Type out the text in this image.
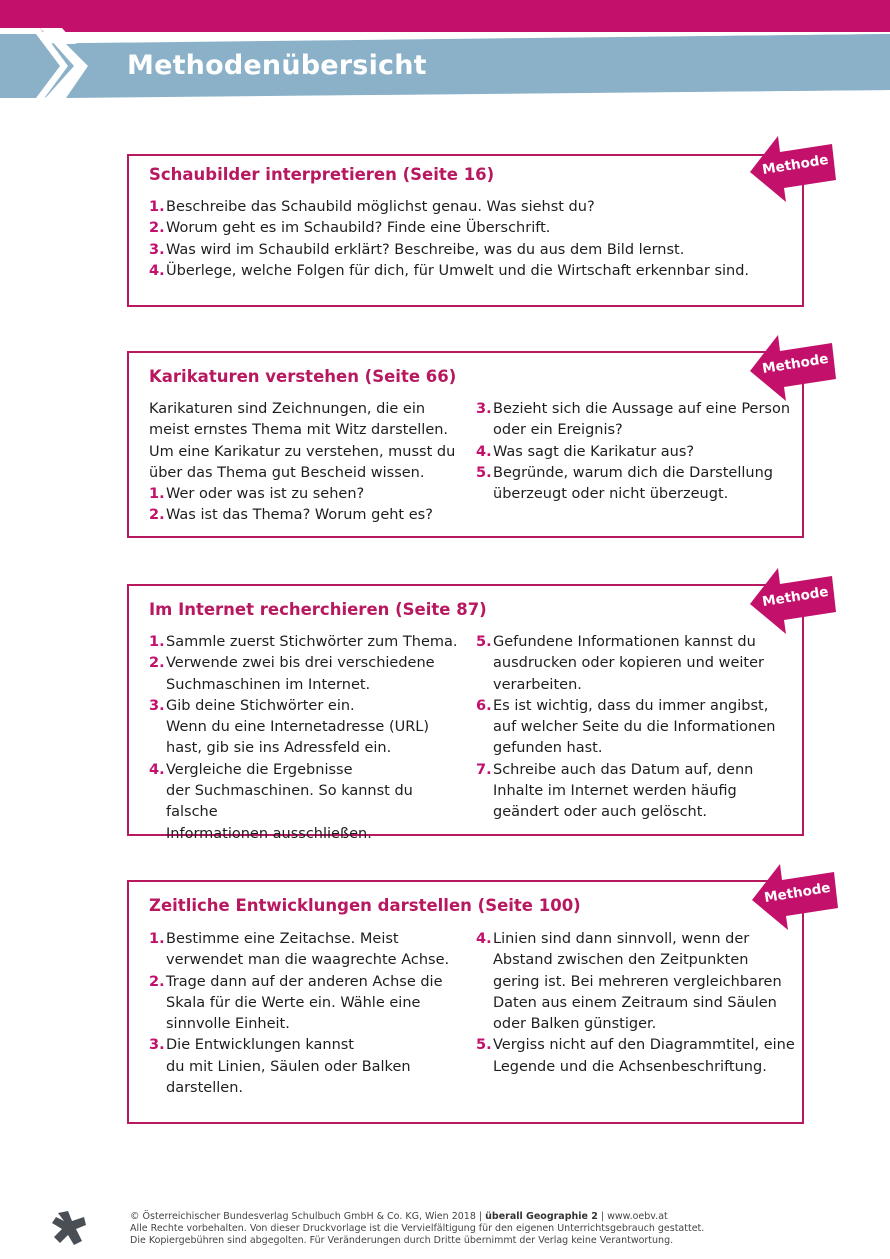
Methodenübersicht
Schaubilder interpretieren (Seite 16)
1. Beschreibe das Schaubild möglichst genau. Was siehst du?
2. Worum geht es im Schaubild? Finde eine Überschrift.
3. Was wird im Schaubild erklärt? Beschreibe, was du aus dem Bild lernst.
4. Überlege, welche Folgen für dich, für Umwelt und die Wirtschaft erkennbar sind.
Karikaturen verstehen (Seite 66)
Karikaturen sind Zeichnungen, die ein
meist ernstes Thema mit Witz darstellen.
Um eine Karikatur zu verstehen, musst du
über das Thema gut Bescheid wissen.
1. Wer oder was ist zu sehen?
2. Was ist das Thema? Worum geht es?
3. Bezieht sich die Aussage auf eine Person
oder ein Ereignis?
4. Was sagt die Karikatur aus?
5. Begründe, warum dich die Darstellung
überzeugt oder nicht überzeugt.
Im Internet recherchieren (Seite 87)
1. Sammle zuerst Stichwörter zum Thema.
2. Verwende zwei bis drei verschiedene
Suchmaschinen im Internet.
3. Gib deine Stichwörter ein.
Wenn du eine Internetadresse (URL)
hast, gib sie ins Adressfeld ein.
4. Vergleiche die Ergebnisse
der Suchmaschinen. So kannst du falsche
Informationen ausschließen.
5. Gefundene Informationen kannst du
ausdrucken oder kopieren und weiter
verarbeiten.
6. Es ist wichtig, dass du immer angibst,
auf welcher Seite du die Informationen
gefunden hast.
7. Schreibe auch das Datum auf, denn
Inhalte im Internet werden häufig
geändert oder auch gelöscht.
Zeitliche Entwicklungen darstellen (Seite 100)
1. Bestimme eine Zeitachse. Meist
verwendet man die waagrechte Achse.
2. Trage dann auf der anderen Achse die
Skala für die Werte ein. Wähle eine
sinnvolle Einheit.
3. Die Entwicklungen kannst
du mit Linien, Säulen oder Balken
darstellen.
4. Linien sind dann sinnvoll, wenn der
Abstand zwischen den Zeitpunkten
gering ist. Bei mehreren vergleichbaren
Daten aus einem Zeitraum sind Säulen
oder Balken günstiger.
5. Vergiss nicht auf den Diagrammtitel, eine
Legende und die Achsenbeschriftung.
Methode
Methode
Methode
Methode
© Österreichischer Bundesverlag Schulbuch GmbH & Co. KG, Wien 2018 | überall Geographie 2 | www.oebv.at
Alle Rechte vorbehalten. Von dieser Druckvorlage ist die Vervielfältigung für den eigenen Unterrichtsgebrauch gestattet.
Die Kopiergebühren sind abgegolten. Für Veränderungen durch Dritte übernimmt der Verlag keine Verantwortung.
